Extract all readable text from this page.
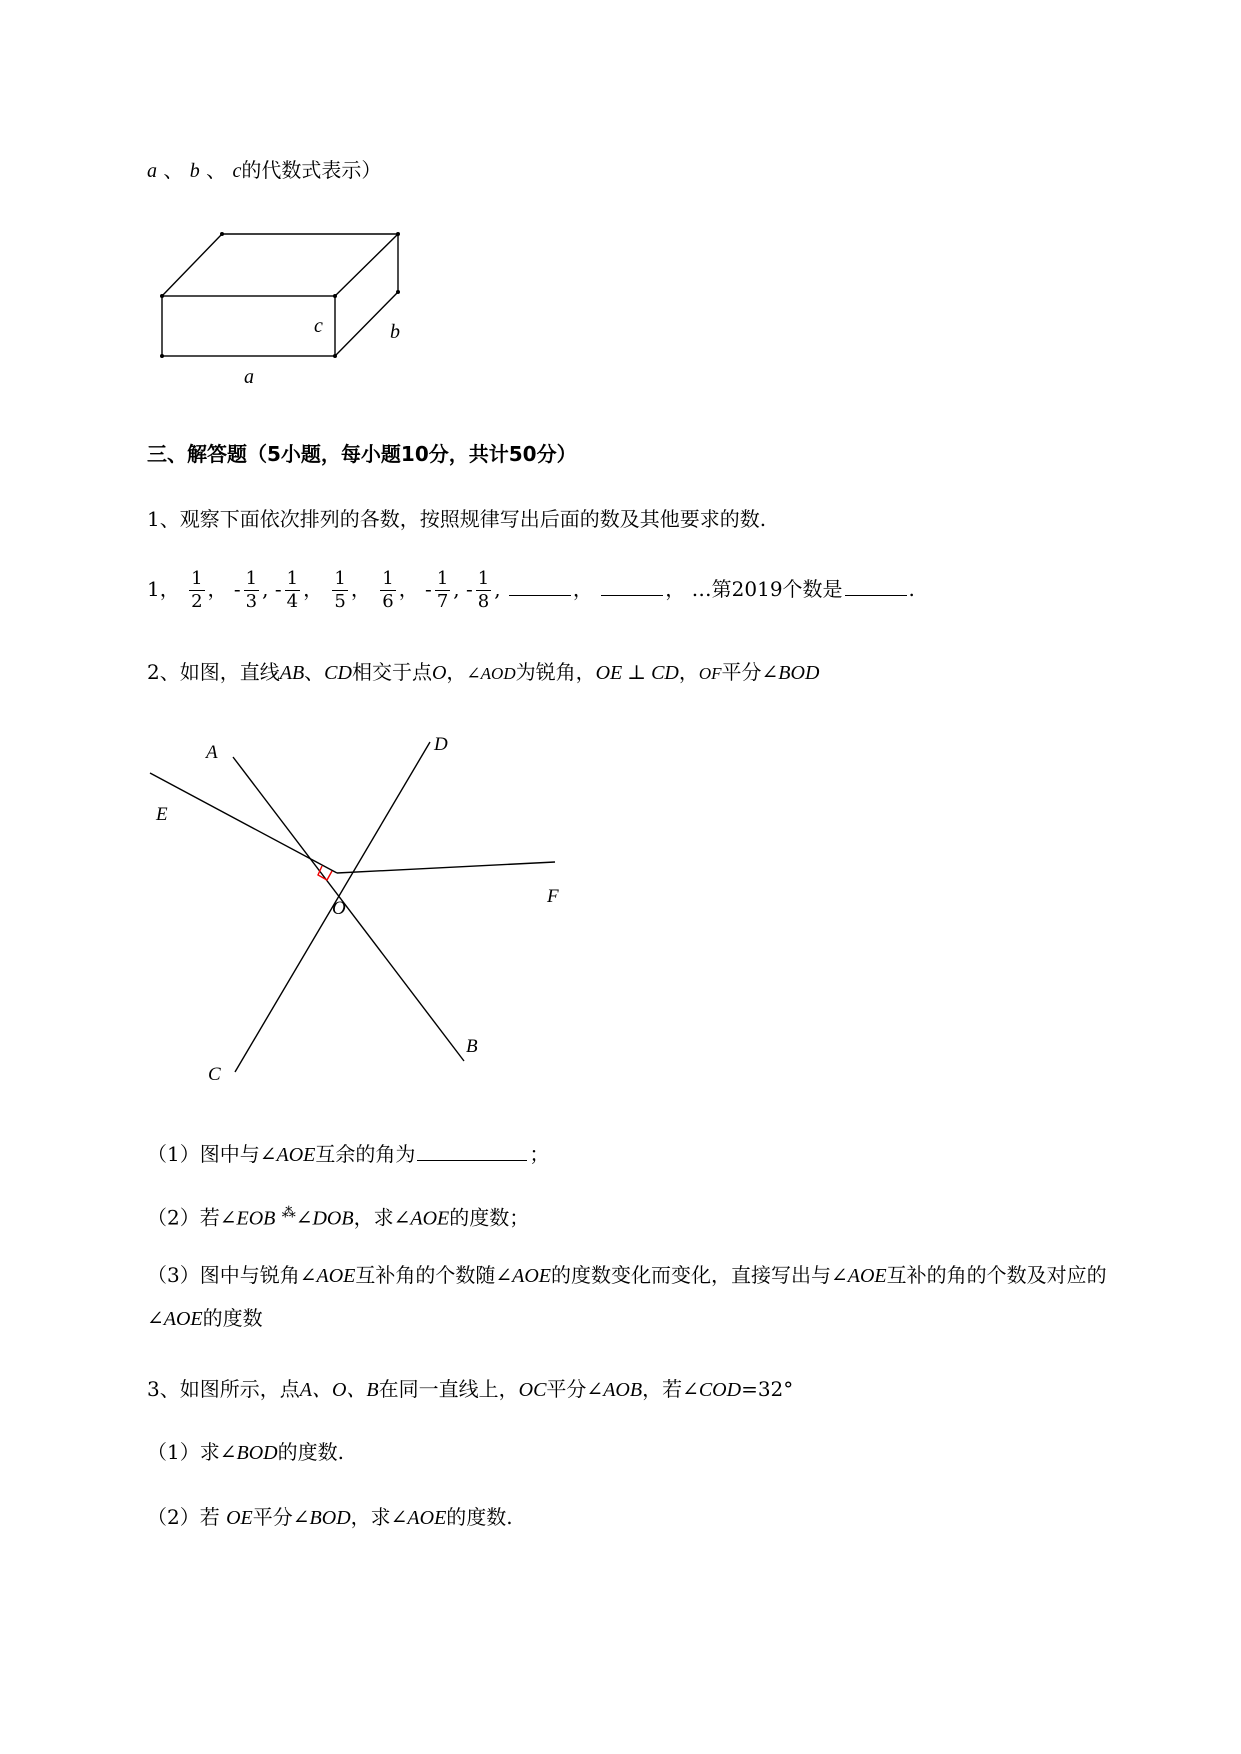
a 、 b 、 c的代数式表示）
c	b
a
三、解答题（5小题，每小题10分，共计50分）
1、观察下面依次排列的各数，按照规律写出后面的数及其他要求的数.
1， $\frac{1}{2}$ ， - $\frac{1}{3}$ , - $\frac{1}{4}$ ， $\frac{1}{5}$ ， $\frac{1}{6}$ ， - $\frac{1}{7}$ , - $\frac{1}{8}$ ,	，	， …第2019个数是	.
2、如图，直线AB、CD相交于点O，∠AOD为锐角，OE ⊥ CD，OF平分∠BOD
A	D
E
F
O
C
B
（1）图中与∠AOE互余的角为	；
（2）若∠EOB ⁂∠DOB，求∠AOE的度数；
（3）图中与锐角∠AOE互补角的个数随∠AOE的度数变化而变化，直接写出与∠AOE互补的角的个数及对应的∠AOE的度数
3、如图所示，点A、O、B在同一直线上，OC平分∠AOB，若∠COD=32°
（1）求∠BOD的度数.
（2）若 OE平分∠BOD，求∠AOE的度数.
